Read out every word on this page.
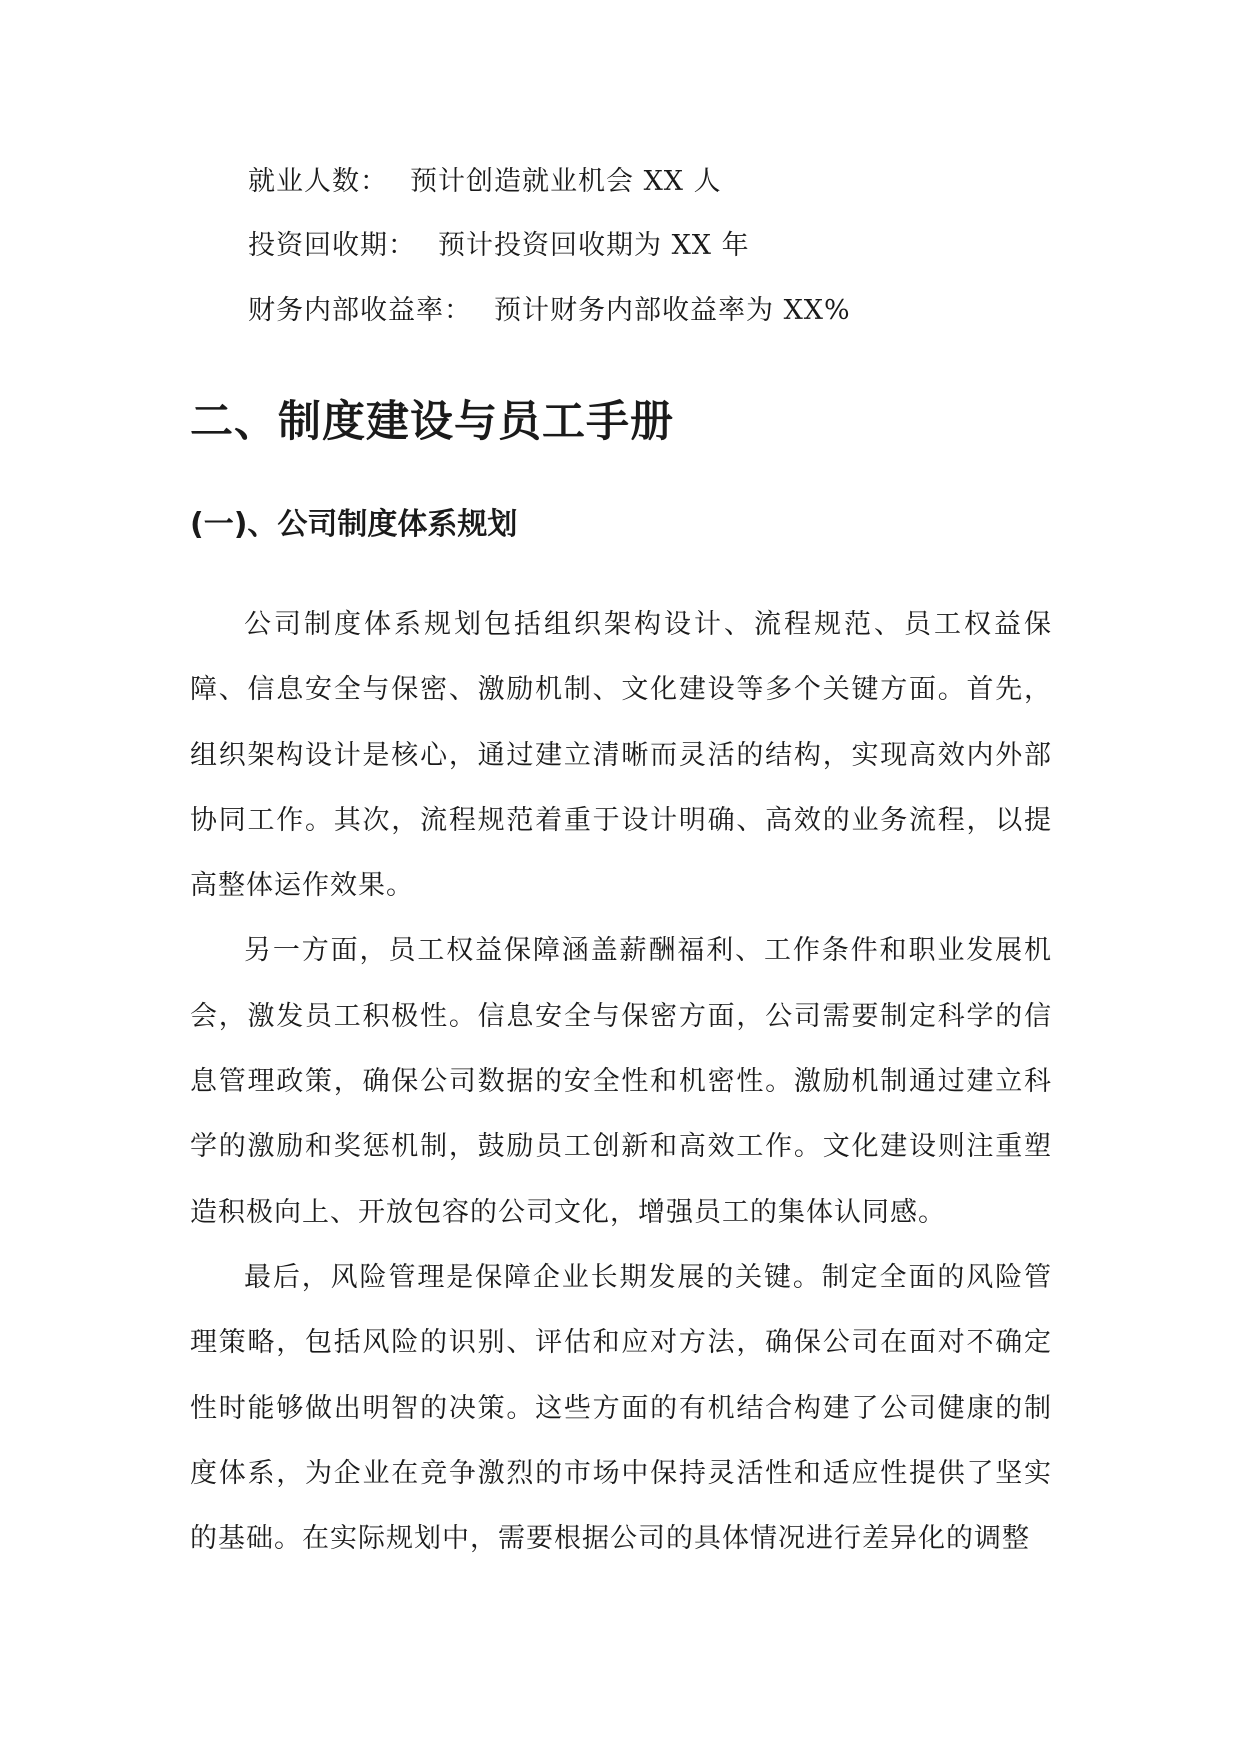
就业人数： 预计创造就业机会 XX 人
投资回收期： 预计投资回收期为 XX 年
财务内部收益率： 预计财务内部收益率为 XX%
二、制度建设与员工手册
(一)、公司制度体系规划

公司制度体系规划包括组织架构设计、流程规范、员工权益保障、信息安全与保密、激励机制、文化建设等多个关键方面。首先，组织架构设计是核心，通过建立清晰而灵活的结构，实现高效内外部协同工作。其次，流程规范着重于设计明确、高效的业务流程，以提高整体运作效果。

另一方面，员工权益保障涵盖薪酬福利、工作条件和职业发展机会，激发员工积极性。信息安全与保密方面，公司需要制定科学的信息管理政策，确保公司数据的安全性和机密性。激励机制通过建立科学的激励和奖惩机制，鼓励员工创新和高效工作。文化建设则注重塑造积极向上、开放包容的公司文化，增强员工的集体认同感。

最后，风险管理是保障企业长期发展的关键。制定全面的风险管理策略，包括风险的识别、评估和应对方法，确保公司在面对不确定性时能够做出明智的决策。这些方面的有机结合构建了公司健康的制度体系，为企业在竞争激烈的市场中保持灵活性和适应性提供了坚实的基础。在实际规划中，需要根据公司的具体情况进行差异化的调整
